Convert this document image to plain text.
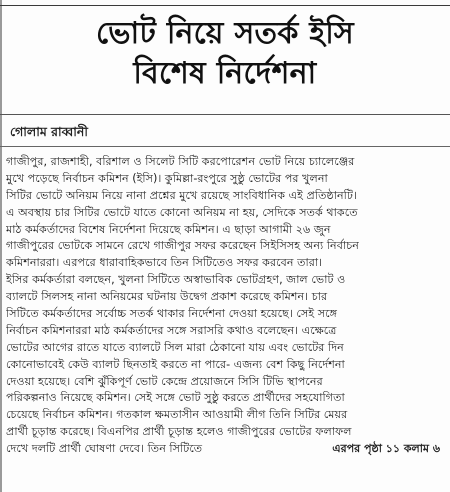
ভোট নিয়ে সতর্ক ইসি
বিশেষ নির্দেশনা
গোলাম রাব্বানী
গাজীপুর, রাজশাহী, বরিশাল ও সিলেট সিটি করপোরেশন ভোট নিয়ে চ্যালেঞ্জের
মুখে পড়েছে নির্বাচন কমিশন (ইসি)। কুমিল্লা-রংপুরে সুষ্ঠু ভোটের পর খুলনা
সিটির ভোটে অনিয়ম নিয়ে নানা প্রশ্নের মুখে রয়েছে সাংবিধানিক এই প্রতিষ্ঠানটি।
এ অবস্থায় চার সিটির ভোটে যাতে কোনো অনিয়ম না হয়, সেদিকে সতর্ক থাকতে
মাঠ কর্মকর্তাদের বিশেষ নির্দেশনা দিয়েছে কমিশন। এ ছাড়া আগামী ২৬ জুন
গাজীপুরের ভোটকে সামনে রেখে গাজীপুর সফর করেছেন সিইসিসহ অন্য নির্বাচন
কমিশনাররা। এরপরে ধারাবাহিকভাবে তিন সিটিতেও সফর করবেন তারা।
ইসির কর্মকর্তারা বলছেন, খুলনা সিটিতে অস্বাভাবিক ভোটগ্রহণ, জাল ভোট ও
ব্যালটে সিলসহ নানা অনিয়মের ঘটনায় উদ্বেগ প্রকাশ করেছে কমিশন। চার
সিটিতে কর্মকর্তাদের সর্বোচ্চ সতর্ক থাকার নির্দেশনা দেওয়া হয়েছে। সেই সঙ্গে
নির্বাচন কমিশনাররা মাঠ কর্মকর্তাদের সঙ্গে সরাসরি কথাও বলেছেন। এক্ষেত্রে
ভোটের আগের রাতে যাতে ব্যালটে সিল মারা ঠেকানো যায় এবং ভোটের দিন
কোনোভাবেই কেউ ব্যালট ছিনতাই করতে না পারে- এজন্য বেশ কিছু নির্দেশনা
দেওয়া হয়েছে। বেশি ঝুঁকিপূর্ণ ভোট কেন্দ্রে প্রয়োজনে সিসি টিভি স্থাপনের
পরিকল্পনাও নিয়েছে কমিশন। সেই সঙ্গে ভোট সুষ্ঠু করতে প্রার্থীদের সহযোগিতা
চেয়েছে নির্বাচন কমিশন। গতকাল ক্ষমতাসীন আওয়ামী লীগ তিনি সিটির মেয়র
প্রার্থী চূড়ান্ত করেছে। বিএনপির প্রার্থী চূড়ান্ত হলেও গাজীপুরের ভোটের ফলাফল
দেখে দলটি প্রার্থী ঘোষণা দেবে। তিন সিটিতে	এরপর পৃষ্ঠা ১১ কলাম ৬
